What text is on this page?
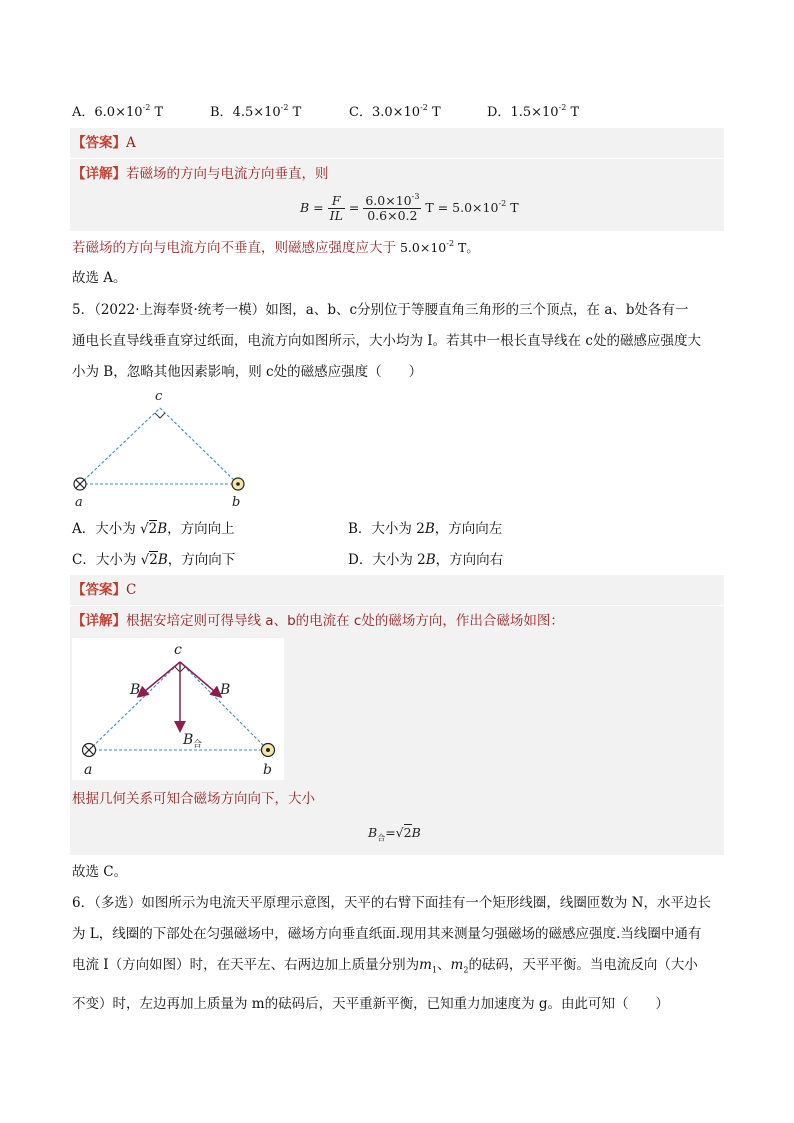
A．$6.0\times 10^{-2}$ T	B．$4.5\times 10^{-2}$ T	C．$3.0\times 10^{-2}$ T	D．$1.5\times 10^{-2}$ T
【答案】A
【详解】若磁场的方向与电流方向垂直，则
$B = \frac{F}{IL} = \frac{6.0\times 10^{-3}}{0.6\times 0.2}$ $T = 5.0\times 10^{-2}$ T
若磁场的方向与电流方向不垂直，则磁感应强度应大于 $5.0\times 10^{-2}$ T。
故选 A。
5．（2022·上海奉贤·统考一模）如图，a、b、c分别位于等腰直角三角形的三个顶点，在 a、b处各有一
通电长直导线垂直穿过纸面，电流方向如图所示，大小均为 I。若其中一根长直导线在 c处的磁感应强度大
小为 B，忽略其他因素影响，则 c处的磁感应强度（　　）
c
a	b
A．大小为 √2B，方向向上	B．大小为 2B，方向向左
C．大小为 √2B，方向向下	D．大小为 2B，方向向右
【答案】C
【详解】根据安培定则可得导线 a、b的电流在 c处的磁场方向，作出合磁场如图：
c
B	B
B 合
a	b
根据几何关系可知合磁场方向向下，大小
$B_合=√2B$
故选 C。
6．（多选）如图所示为电流天平原理示意图，天平的右臂下面挂有一个矩形线圈，线圈匝数为 N，水平边长
为 L，线圈的下部处在匀强磁场中，磁场方向垂直纸面.现用其来测量匀强磁场的磁感应强度.当线圈中通有
电流 I（方向如图）时，在天平左、右两边加上质量分别为$m_1$、$m_2$的砝码，天平平衡。当电流反向（大小
不变）时，左边再加上质量为 m的砝码后，天平重新平衡，已知重力加速度为 g。由此可知（　　）
